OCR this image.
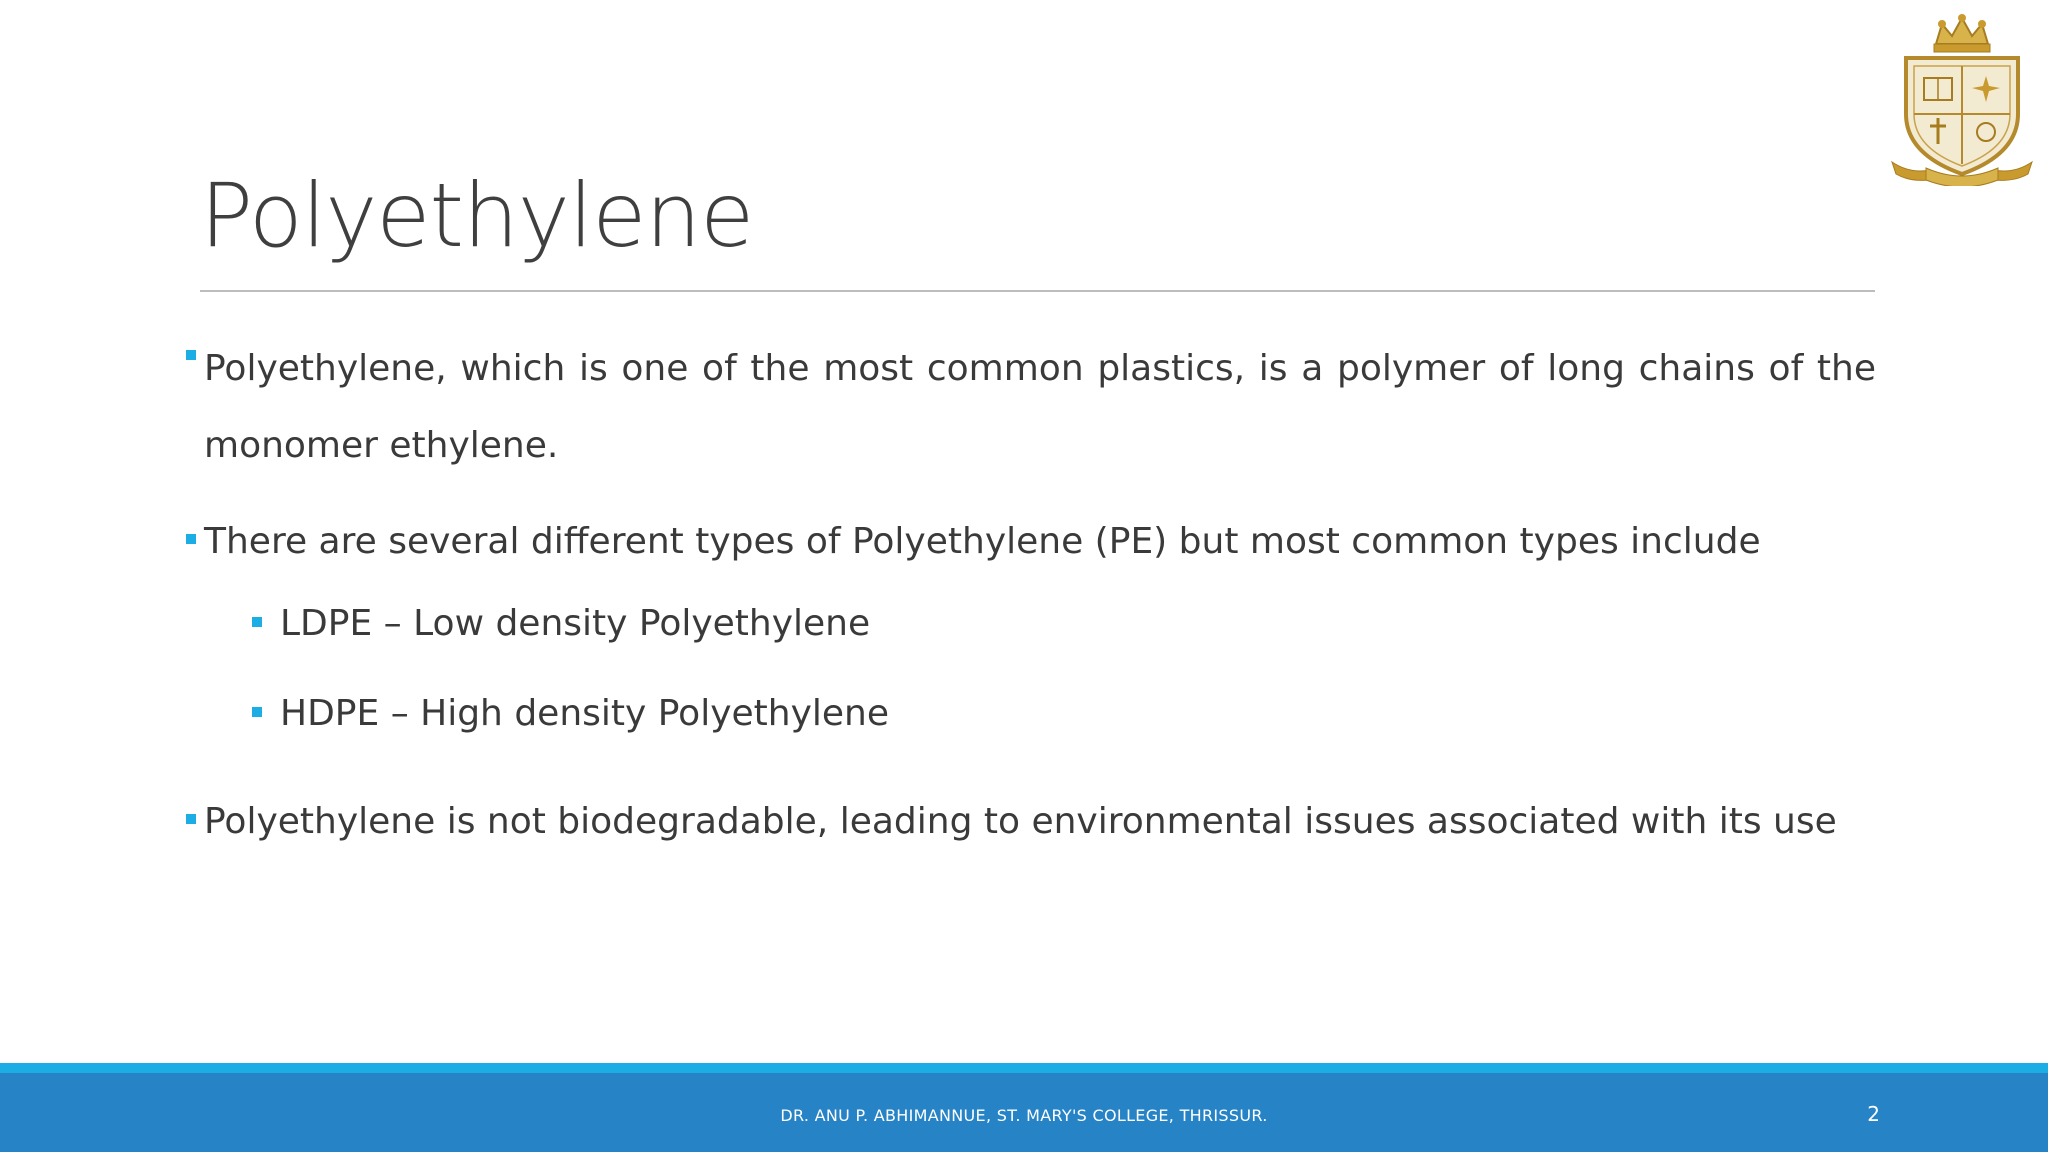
Polyethylene

Polyethylene, which is one of the most common plastics, is a polymer of long chains of the monomer ethylene.

There are several different types of Polyethylene (PE) but most common types include

LDPE – Low density Polyethylene

HDPE – High density Polyethylene

Polyethylene is not biodegradable, leading to environmental issues associated with its use

DR. ANU P. ABHIMANNUE, ST. MARY'S COLLEGE, THRISSUR.	2
